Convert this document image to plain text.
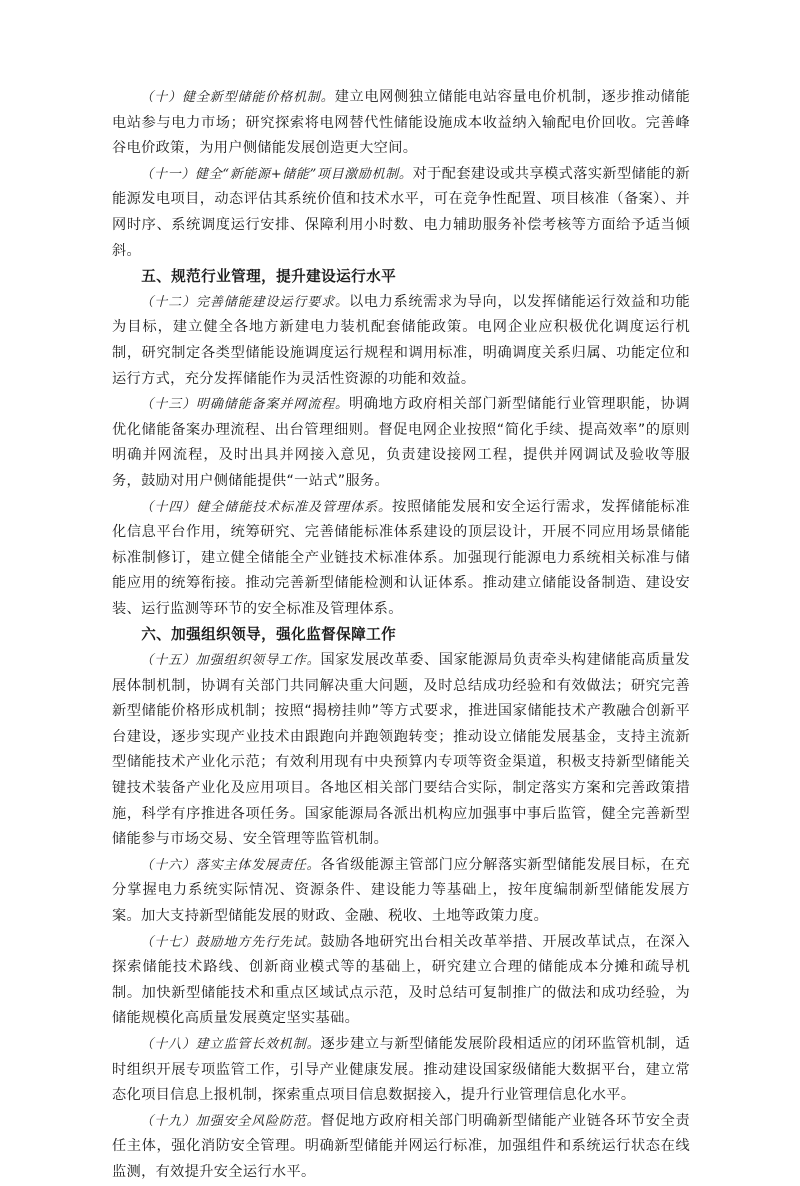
（十）健全新型储能价格机制。建立电网侧独立储能电站容量电价机制，逐步推动储能电站参与电力市场；研究探索将电网替代性储能设施成本收益纳入输配电价回收。完善峰谷电价政策，为用户侧储能发展创造更大空间。

（十一）健全“新能源+储能”项目激励机制。对于配套建设或共享模式落实新型储能的新能源发电项目，动态评估其系统价值和技术水平，可在竞争性配置、项目核准（备案）、并网时序、系统调度运行安排、保障利用小时数、电力辅助服务补偿考核等方面给予适当倾斜。

五、规范行业管理，提升建设运行水平

（十二）完善储能建设运行要求。以电力系统需求为导向，以发挥储能运行效益和功能为目标，建立健全各地方新建电力装机配套储能政策。电网企业应积极优化调度运行机制，研究制定各类型储能设施调度运行规程和调用标准，明确调度关系归属、功能定位和运行方式，充分发挥储能作为灵活性资源的功能和效益。

（十三）明确储能备案并网流程。明确地方政府相关部门新型储能行业管理职能，协调优化储能备案办理流程、出台管理细则。督促电网企业按照“简化手续、提高效率”的原则明确并网流程，及时出具并网接入意见，负责建设接网工程，提供并网调试及验收等服务，鼓励对用户侧储能提供“一站式”服务。

（十四）健全储能技术标准及管理体系。按照储能发展和安全运行需求，发挥储能标准化信息平台作用，统筹研究、完善储能标准体系建设的顶层设计，开展不同应用场景储能标准制修订，建立健全储能全产业链技术标准体系。加强现行能源电力系统相关标准与储能应用的统筹衔接。推动完善新型储能检测和认证体系。推动建立储能设备制造、建设安装、运行监测等环节的安全标准及管理体系。

六、加强组织领导，强化监督保障工作

（十五）加强组织领导工作。国家发展改革委、国家能源局负责牵头构建储能高质量发展体制机制，协调有关部门共同解决重大问题，及时总结成功经验和有效做法；研究完善新型储能价格形成机制；按照“揭榜挂帅”等方式要求，推进国家储能技术产教融合创新平台建设，逐步实现产业技术由跟跑向并跑领跑转变；推动设立储能发展基金，支持主流新型储能技术产业化示范；有效利用现有中央预算内专项等资金渠道，积极支持新型储能关键技术装备产业化及应用项目。各地区相关部门要结合实际，制定落实方案和完善政策措施，科学有序推进各项任务。国家能源局各派出机构应加强事中事后监管，健全完善新型储能参与市场交易、安全管理等监管机制。

（十六）落实主体发展责任。各省级能源主管部门应分解落实新型储能发展目标，在充分掌握电力系统实际情况、资源条件、建设能力等基础上，按年度编制新型储能发展方案。加大支持新型储能发展的财政、金融、税收、土地等政策力度。

（十七）鼓励地方先行先试。鼓励各地研究出台相关改革举措、开展改革试点，在深入探索储能技术路线、创新商业模式等的基础上，研究建立合理的储能成本分摊和疏导机制。加快新型储能技术和重点区域试点示范，及时总结可复制推广的做法和成功经验，为储能规模化高质量发展奠定坚实基础。

（十八）建立监管长效机制。逐步建立与新型储能发展阶段相适应的闭环监管机制，适时组织开展专项监管工作，引导产业健康发展。推动建设国家级储能大数据平台，建立常态化项目信息上报机制，探索重点项目信息数据接入，提升行业管理信息化水平。

（十九）加强安全风险防范。督促地方政府相关部门明确新型储能产业链各环节安全责任主体，强化消防安全管理。明确新型储能并网运行标准，加强组件和系统运行状态在线监测，有效提升安全运行水平。
